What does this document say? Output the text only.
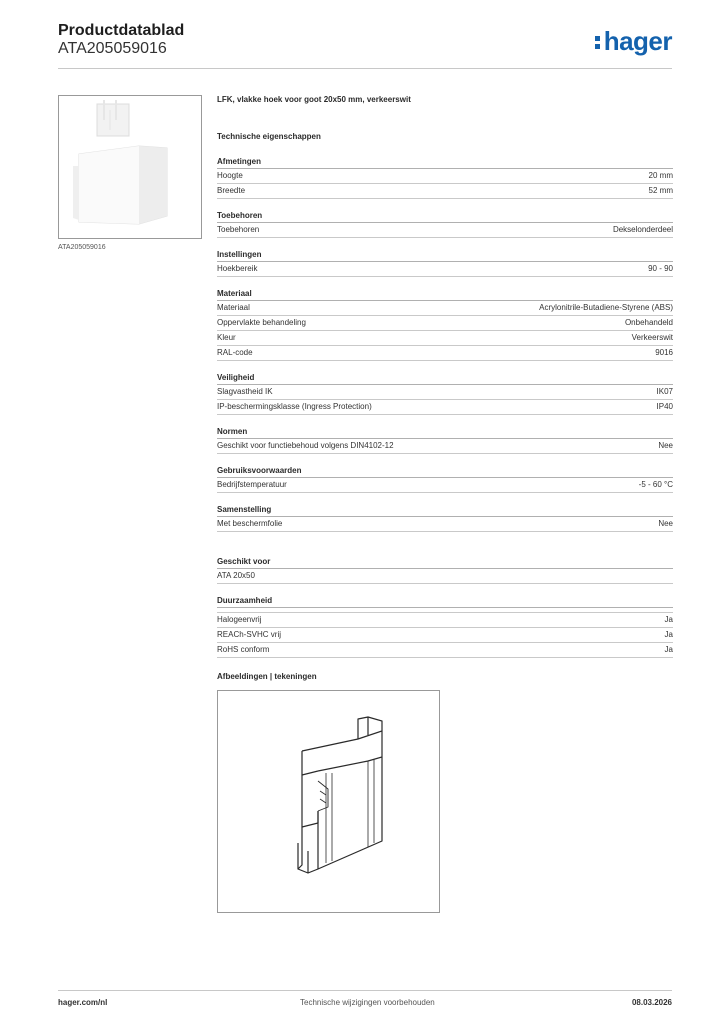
Productdatablad
ATA205059016	hager
ATA205059016
LFK, vlakke hoek voor goot 20x50 mm, verkeerswit
Technische eigenschappen
Afmetingen
Hoogte	20 mm
Breedte	52 mm
Toebehoren
Toebehoren	Dekselonderdeel
Instellingen
Hoekbereik	90 - 90
Materiaal
Materiaal	Acrylonitrile-Butadiene-Styrene (ABS)
Oppervlakte behandeling	Onbehandeld
Kleur	Verkeerswit
RAL-code	9016
Veiligheid
Slagvastheid IK	IK07
IP-beschermingsklasse (Ingress Protection)	IP40
Normen
Geschikt voor functiebehoud volgens DIN4102-12	Nee
Gebruiksvoorwaarden
Bedrijfstemperatuur	-5 - 60 °C
Samenstelling
Met beschermfolie	Nee
Geschikt voor
ATA 20x50
Duurzaamheid
Halogeenvrij	Ja
REACh-SVHC vrij	Ja
RoHS conform	Ja
Afbeeldingen | tekeningen
hager.com/nl	Technische wijzigingen voorbehouden	08.03.2026
